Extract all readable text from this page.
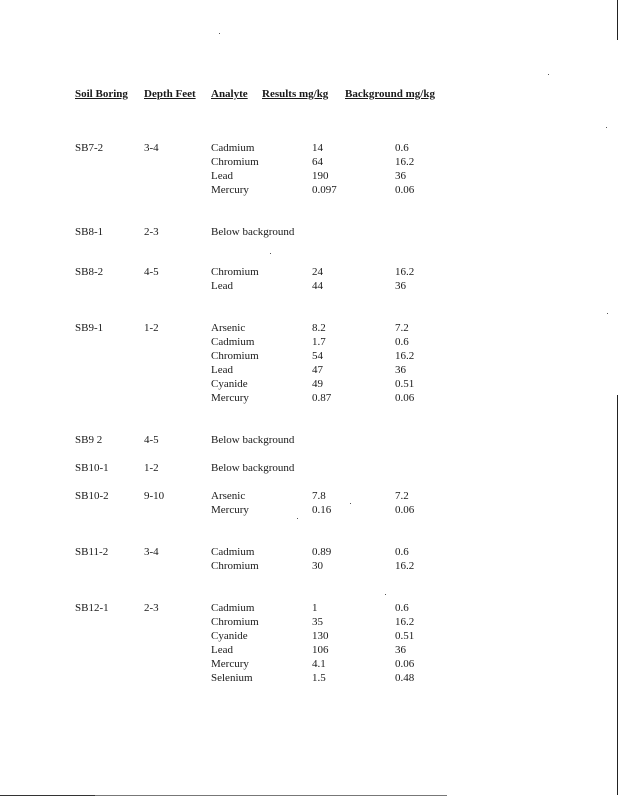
Soil Boring Depth Feet Analyte Results mg/kg Background mg/kg
SB7-2	3-4	Cadmium	14	0.6
Chromium	64	16.2
Lead	190	36
Mercury	0.097	0.06
SB8-1	2-3	Below background
SB8-2	4-5	Chromium	24	16.2
Lead	44	36
SB9-1	1-2	Arsenic	8.2	7.2
Cadmium	1.7	0.6
Chromium	54	16.2
Lead	47	36
Cyanide	49	0.51
Mercury	0.87	0.06
SB9 2	4-5	Below background
SB10-1	1-2	Below background
SB10-2	9-10	Arsenic	7.8	7.2
Mercury	0.16	0.06
SB11-2	3-4	Cadmium	0.89	0.6
Chromium	30	16.2
SB12-1	2-3	Cadmium	1	0.6
Chromium	35	16.2
Cyanide	130	0.51
Lead	106	36
Mercury	4.1	0.06
Selenium	1.5	0.48
